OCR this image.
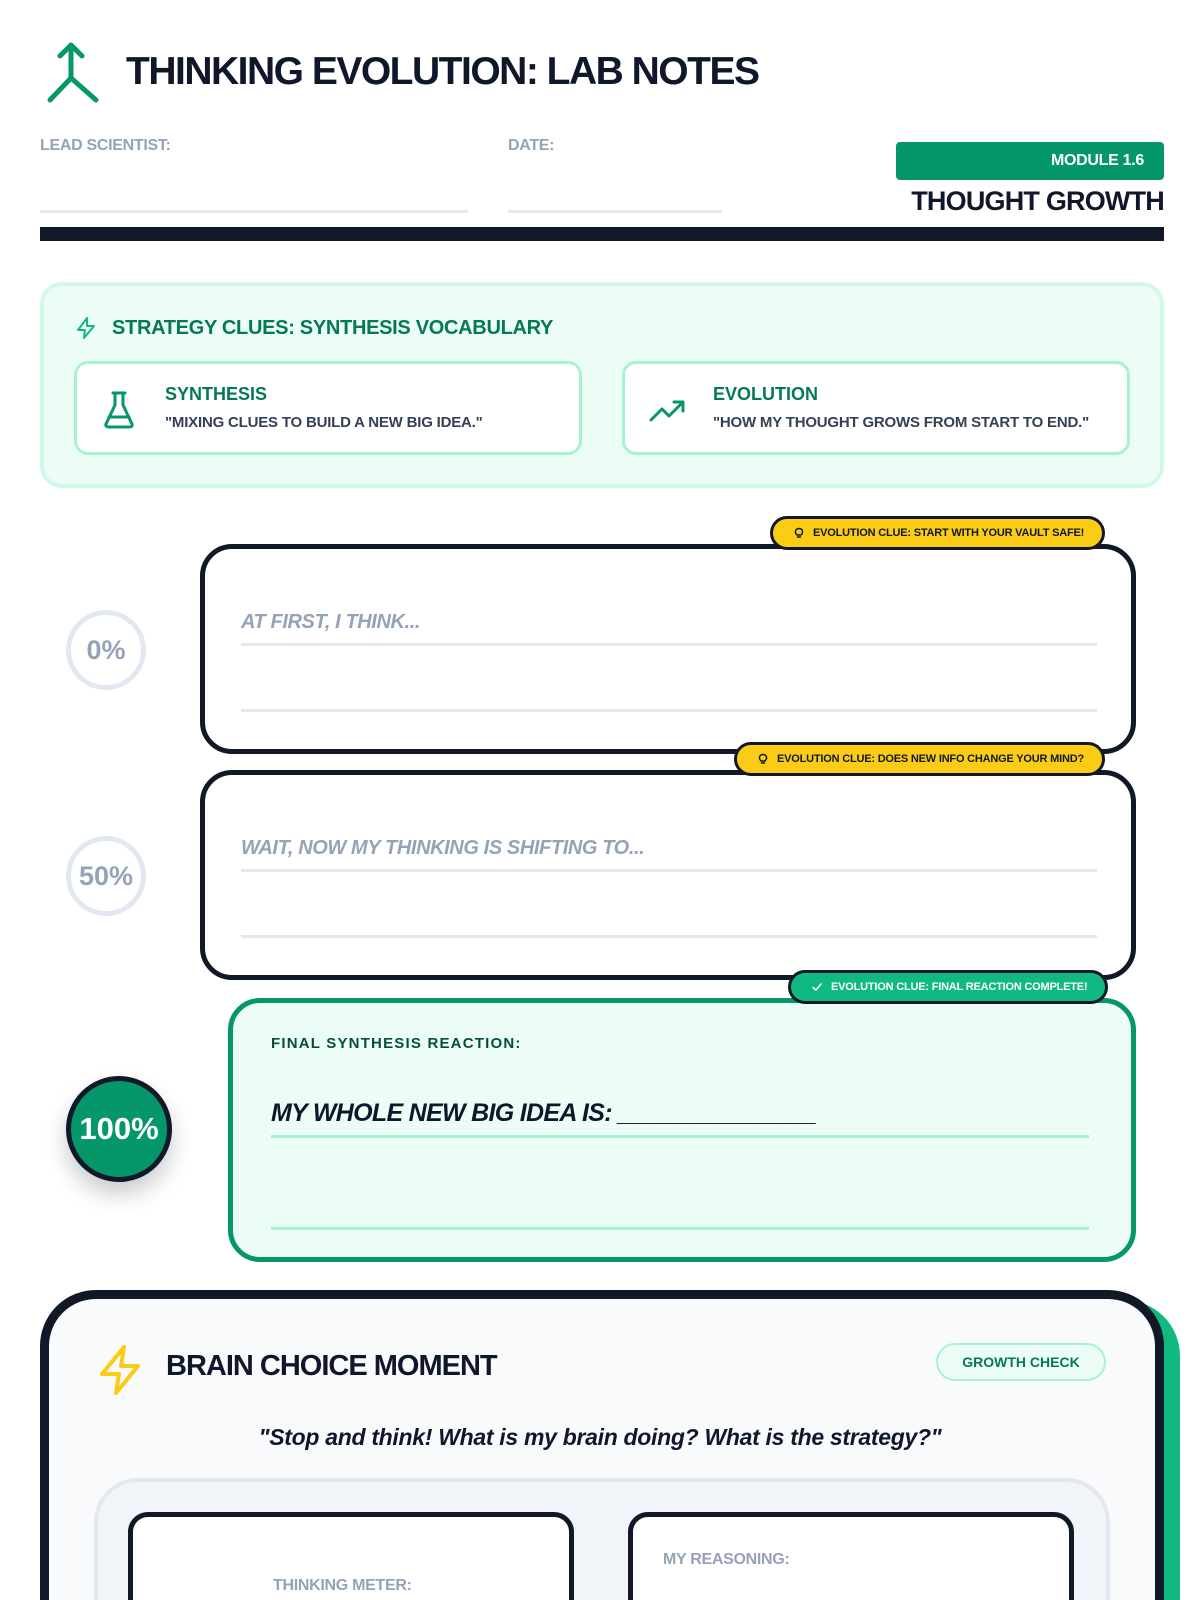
THINKING EVOLUTION: LAB NOTES
LEAD SCIENTIST:	DATE:
MODULE 1.6
THOUGHT GROWTH
STRATEGY CLUES: SYNTHESIS VOCABULARY
SYNTHESIS
"MIXING CLUES TO BUILD A NEW BIG IDEA."
EVOLUTION
"HOW MY THOUGHT GROWS FROM START TO END."
0%
AT FIRST, I THINK...
EVOLUTION CLUE: START WITH YOUR VAULT SAFE!
50%
WAIT, NOW MY THINKING IS SHIFTING TO...
EVOLUTION CLUE: DOES NEW INFO CHANGE YOUR MIND?
100%
FINAL SYNTHESIS REACTION:
MY WHOLE NEW BIG IDEA IS: _______________
EVOLUTION CLUE: FINAL REACTION COMPLETE!
BRAIN CHOICE MOMENT	GROWTH CHECK
"Stop and think! What is my brain doing? What is the strategy?"
THINKING METER:
MY REASONING:
